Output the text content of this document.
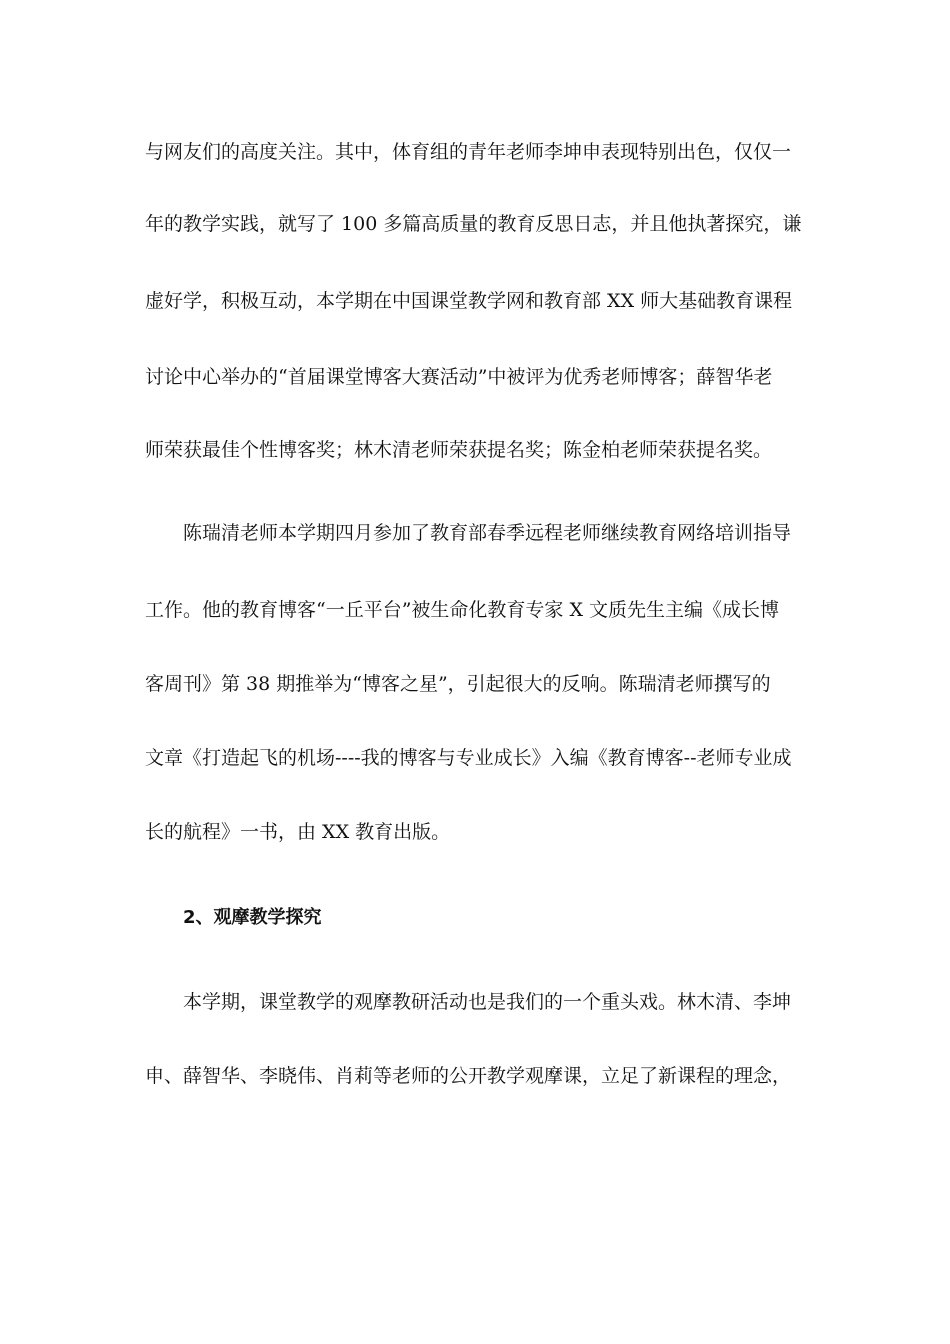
与网友们的高度关注。其中，体育组的青年老师李坤申表现特别出色，仅仅一
年的教学实践，就写了 100 多篇高质量的教育反思日志，并且他执著探究，谦
虚好学，积极互动，本学期在中国课堂教学网和教育部 XX 师大基础教育课程
讨论中心举办的“首届课堂博客大赛活动”中被评为优秀老师博客；薛智华老
师荣获最佳个性博客奖；林木清老师荣获提名奖；陈金柏老师荣获提名奖。
陈瑞清老师本学期四月参加了教育部春季远程老师继续教育网络培训指导
工作。他的教育博客“一丘平台”被生命化教育专家 X 文质先生主编《成长博
客周刊》第 38 期推举为“博客之星”，引起很大的反响。陈瑞清老师撰写的
文章《打造起飞的机场----我的博客与专业成长》入编《教育博客--老师专业成
长的航程》一书，由 XX 教育出版。
2、观摩教学探究
本学期，课堂教学的观摩教研活动也是我们的一个重头戏。林木清、李坤
申、薛智华、李晓伟、肖莉等老师的公开教学观摩课，立足了新课程的理念，
